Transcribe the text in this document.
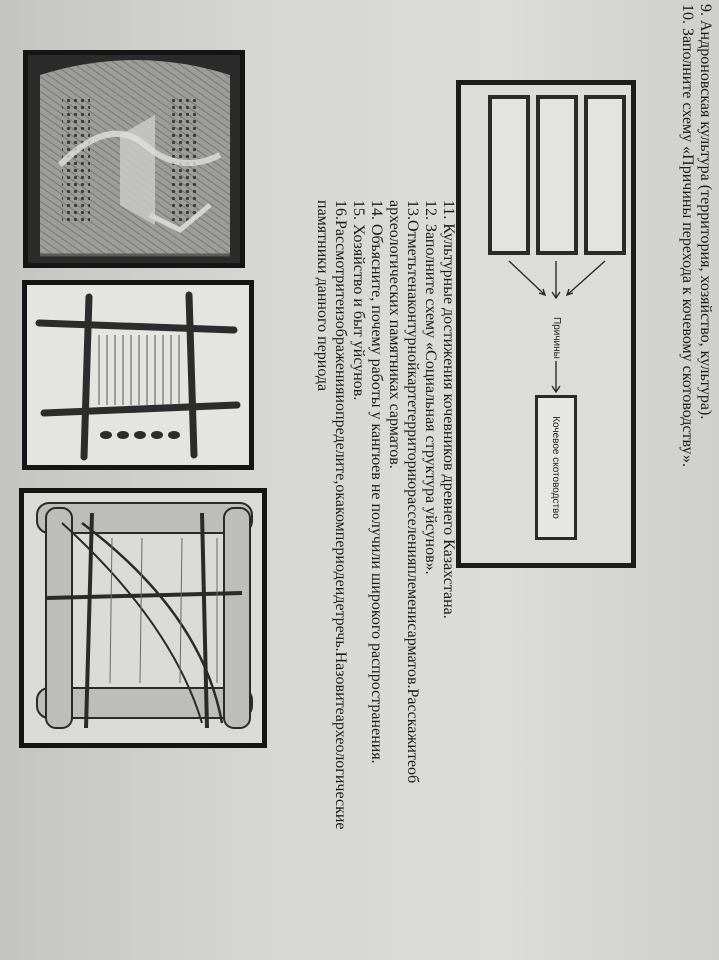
9. Андроновская культура (территория, хозяйство, культура).
10. Заполните схему «Причины перехода к кочевому скотоводству».
Причины
Кочевое скотоводство
11. Культурные достижения кочевников древнего Казахстана.
12. Заполните схему «Социальная структура уйсунов».
13.Отметьте
на
контурной
карте
территорию
расселения
племени
сарматов.
Расскажите
об
археологических памятниках сарматов.
14. Объясните, почему работы у кангюев не получили широкого распространения.
15. Хозяйство и быт уйсунов.
16.
Рассмотрите
изображения
и
определите,
о
каком
периоде
идет
речь.
Назовите
археологические
памятники данного периода
